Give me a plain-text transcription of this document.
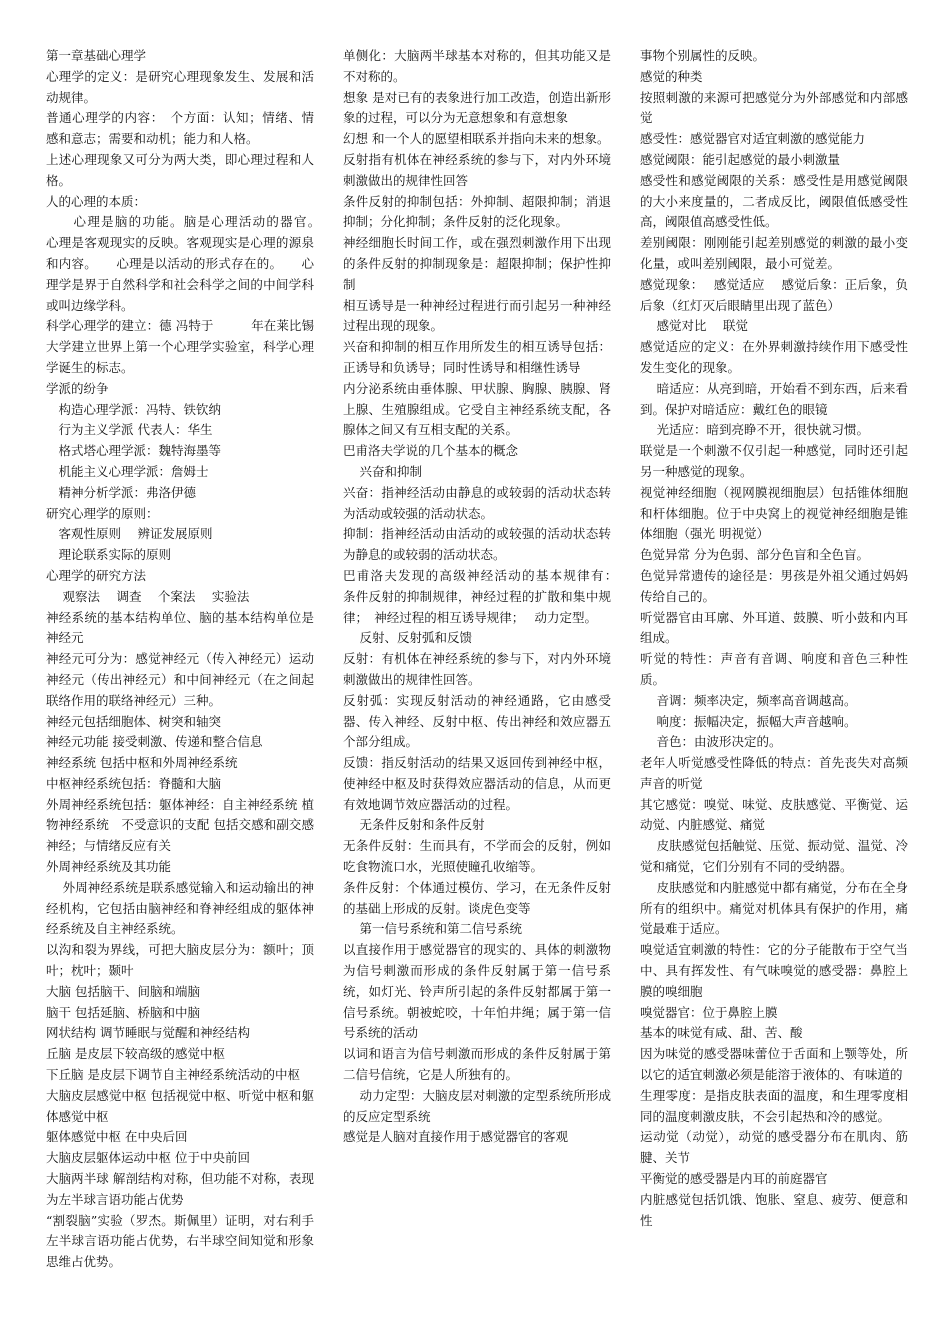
第一章基础心理学

心理学的定义：是研究心理现象发生、发展和活动规律。

普通心理学的内容：　个方面：认知；情绪、情感和意志；需要和动机；能力和人格。

上述心理现象又可分为两大类，即心理过程和人格。

人的心理的本质：

　　心理是脑的功能。脑是心理活动的器官。　　心理是客观现实的反映。客观现实是心理的源泉和内容。　　心理是以活动的形式存在的。　　心理学是界于自然科学和社会科学之间的中间学科或叫边缘学科。

科学心理学的建立：德 冯特于　　　年在莱比锡大学建立世界上第一个心理学实验室，科学心理学诞生的标志。

学派的纷争

　构造心理学派：冯特、铁钦纳

　行为主义学派 代表人：华生

　格式塔心理学派：魏特海墨等

　机能主义心理学派：詹姆士

　精神分析学派：弗洛伊德

研究心理学的原则：

　客观性原则　 辨证发展原则

　理论联系实际的原则

心理学的研究方法

　 观察法　 调查　 个案法　 实验法

神经系统的基本结构单位、脑的基本结构单位是神经元

神经元可分为：感觉神经元（传入神经元）运动神经元（传出神经元）和中间神经元（在之间起联络作用的联络神经元）三种。

神经元包括细胞体、树突和轴突

神经元功能 接受刺激、传递和整合信息

神经系统 包括中枢和外周神经系统

中枢神经系统包括：脊髓和大脑

外周神经系统包括：躯体神经：自主神经系统 植物神经系统　不受意识的支配 包括交感和副交感神经；与情绪反应有关

外周神经系统及其功能

　 外周神经系统是联系感觉输入和运动输出的神经机构，它包括由脑神经和脊神经组成的躯体神经系统及自主神经系统。

以沟和裂为界线，可把大脑皮层分为：额叶；顶叶；枕叶；颞叶

大脑 包括脑干、间脑和端脑

脑干 包括延脑、桥脑和中脑

网状结构 调节睡眠与觉醒和神经结构

丘脑 是皮层下较高级的感觉中枢

下丘脑 是皮层下调节自主神经系统活动的中枢

大脑皮层感觉中枢 包括视觉中枢、听觉中枢和躯体感觉中枢

躯体感觉中枢 在中央后回

大脑皮层躯体运动中枢 位于中央前回

大脑两半球 解剖结构对称，但功能不对称，表现为左半球言语功能占优势

“割裂脑”实验（罗杰。斯佩里）证明，对右利手 左半球言语功能占优势，右半球空间知觉和形象思维占优势。

单侧化：大脑两半球基本对称的，但其功能又是不对称的。

想象 是对已有的表象进行加工改造，创造出新形象的过程，可以分为无意想象和有意想象

幻想 和一个人的愿望相联系并指向未来的想象。

反射指有机体在神经系统的参与下，对内外环境刺激做出的规律性回答

条件反射的抑制包括：外抑制、超限抑制；消退抑制；分化抑制；条件反射的泛化现象。

神经细胞长时间工作，或在强烈刺激作用下出现的条件反射的抑制现象是：超限抑制；保护性抑制

相互诱导是一种神经过程进行而引起另一种神经过程出现的现象。

兴奋和抑制的相互作用所发生的相互诱导包括：正诱导和负诱导；同时性诱导和相继性诱导

内分泌系统由垂体腺、甲状腺、胸腺、胰腺、肾上腺、生殖腺组成。它受自主神经系统支配，各腺体之间又有互相支配的关系。

巴甫洛夫学说的几个基本的概念

　 兴奋和抑制

兴奋：指神经活动由静息的或较弱的活动状态转为活动或较强的活动状态。

抑制：指神经活动由活动的或较强的活动状态转为静息的或较弱的活动状态。

巴甫洛夫发现的高级神经活动的基本规律有：　条件反射的抑制规律，神经过程的扩散和集中规律；　神经过程的相互诱导规律；　 动力定型。

　 反射、反射弧和反馈

反射：有机体在神经系统的参与下，对内外环境刺激做出的规律性回答。

反射弧：实现反射活动的神经通路，它由感受器、传入神经、反射中枢、传出神经和效应器五个部分组成。

反馈：指反射活动的结果又返回传到神经中枢，使神经中枢及时获得效应器活动的信息，从而更有效地调节效应器活动的过程。

　 无条件反射和条件反射

无条件反射：生而具有，不学而会的反射，例如吃食物流口水，光照使瞳孔收缩等。

条件反射：个体通过模仿、学习，在无条件反射的基础上形成的反射。谈虎色变等

　 第一信号系统和第二信号系统

以直接作用于感觉器官的现实的、具体的刺激物为信号刺激而形成的条件反射属于第一信号系统，如灯光、铃声所引起的条件反射都属于第一信号系统。朝被蛇咬，十年怕井绳；属于第一信号系统的活动

以词和语言为信号刺激而形成的条件反射属于第二信号信统，它是人所独有的。

　 动力定型：大脑皮层对刺激的定型系统所形成的反应定型系统

感觉是人脑对直接作用于感觉器官的客观

事物个别属性的反映。

感觉的种类

按照刺激的来源可把感觉分为外部感觉和内部感觉

感受性：感觉器官对适宜刺激的感觉能力

感觉阈限：能引起感觉的最小刺激量

感受性和感觉阈限的关系：感受性是用感觉阈限的大小来度量的，二者成反比，阈限值低感受性高，阈限值高感受性低。

差别阈限：刚刚能引起差别感觉的刺激的最小变化量，或叫差别阈限，最小可觉差。

感觉现象：　 感觉适应　 感觉后象：正后象，负后象（红灯灭后眼睛里出现了蓝色）

　 感觉对比　 联觉

感觉适应的定义：在外界刺激持续作用下感受性发生变化的现象。

　 暗适应：从亮到暗，开始看不到东西，后来看到。保护对暗适应：戴红色的眼镜

　 光适应：暗到亮睁不开，很快就习惯。

联觉是一个刺激不仅引起一种感觉，同时还引起另一种感觉的现象。

视觉神经细胞（视网膜视细胞层）包括锥体细胞和杆体细胞。位于中央窝上的视觉神经细胞是锥体细胞（强光 明视觉）

色觉异常 分为色弱、部分色盲和全色盲。

色觉异常遗传的途径是：男孩是外祖父通过妈妈传给自己的。

听觉器官由耳廓、外耳道、鼓膜、听小鼓和内耳组成。

听觉的特性：声音有音调、响度和音色三种性质。

　 音调：频率决定，频率高音调越高。

　 响度：振幅决定，振幅大声音越响。

　 音色：由波形决定的。

老年人听觉感受性降低的特点：首先丧失对高频声音的听觉

其它感觉：嗅觉、味觉、皮肤感觉、平衡觉、运动觉、内脏感觉、痛觉

　 皮肤感觉包括触觉、压觉、振动觉、温觉、冷觉和痛觉，它们分别有不同的受纳器。

　 皮肤感觉和内脏感觉中都有痛觉，分布在全身所有的组织中。痛觉对机体具有保护的作用，痛觉最难于适应。

嗅觉适宜刺激的特性：它的分子能散布于空气当中、具有挥发性、有气味嗅觉的感受器：鼻腔上膜的嗅细胞

嗅觉器官：位于鼻腔上膜

基本的味觉有咸、甜、苦、酸

因为味觉的感受器味蕾位于舌面和上颚等处，所以它的适宜刺激必须是能溶于液体的、有味道的

生理零度：是指皮肤表面的温度，和生理零度相同的温度刺激皮肤，不会引起热和冷的感觉。

运动觉（动觉），动觉的感受器分布在肌肉、筋腱、关节

平衡觉的感受器是内耳的前庭器官

内脏感觉包括饥饿、饱胀、窒息、疲劳、便意和性
